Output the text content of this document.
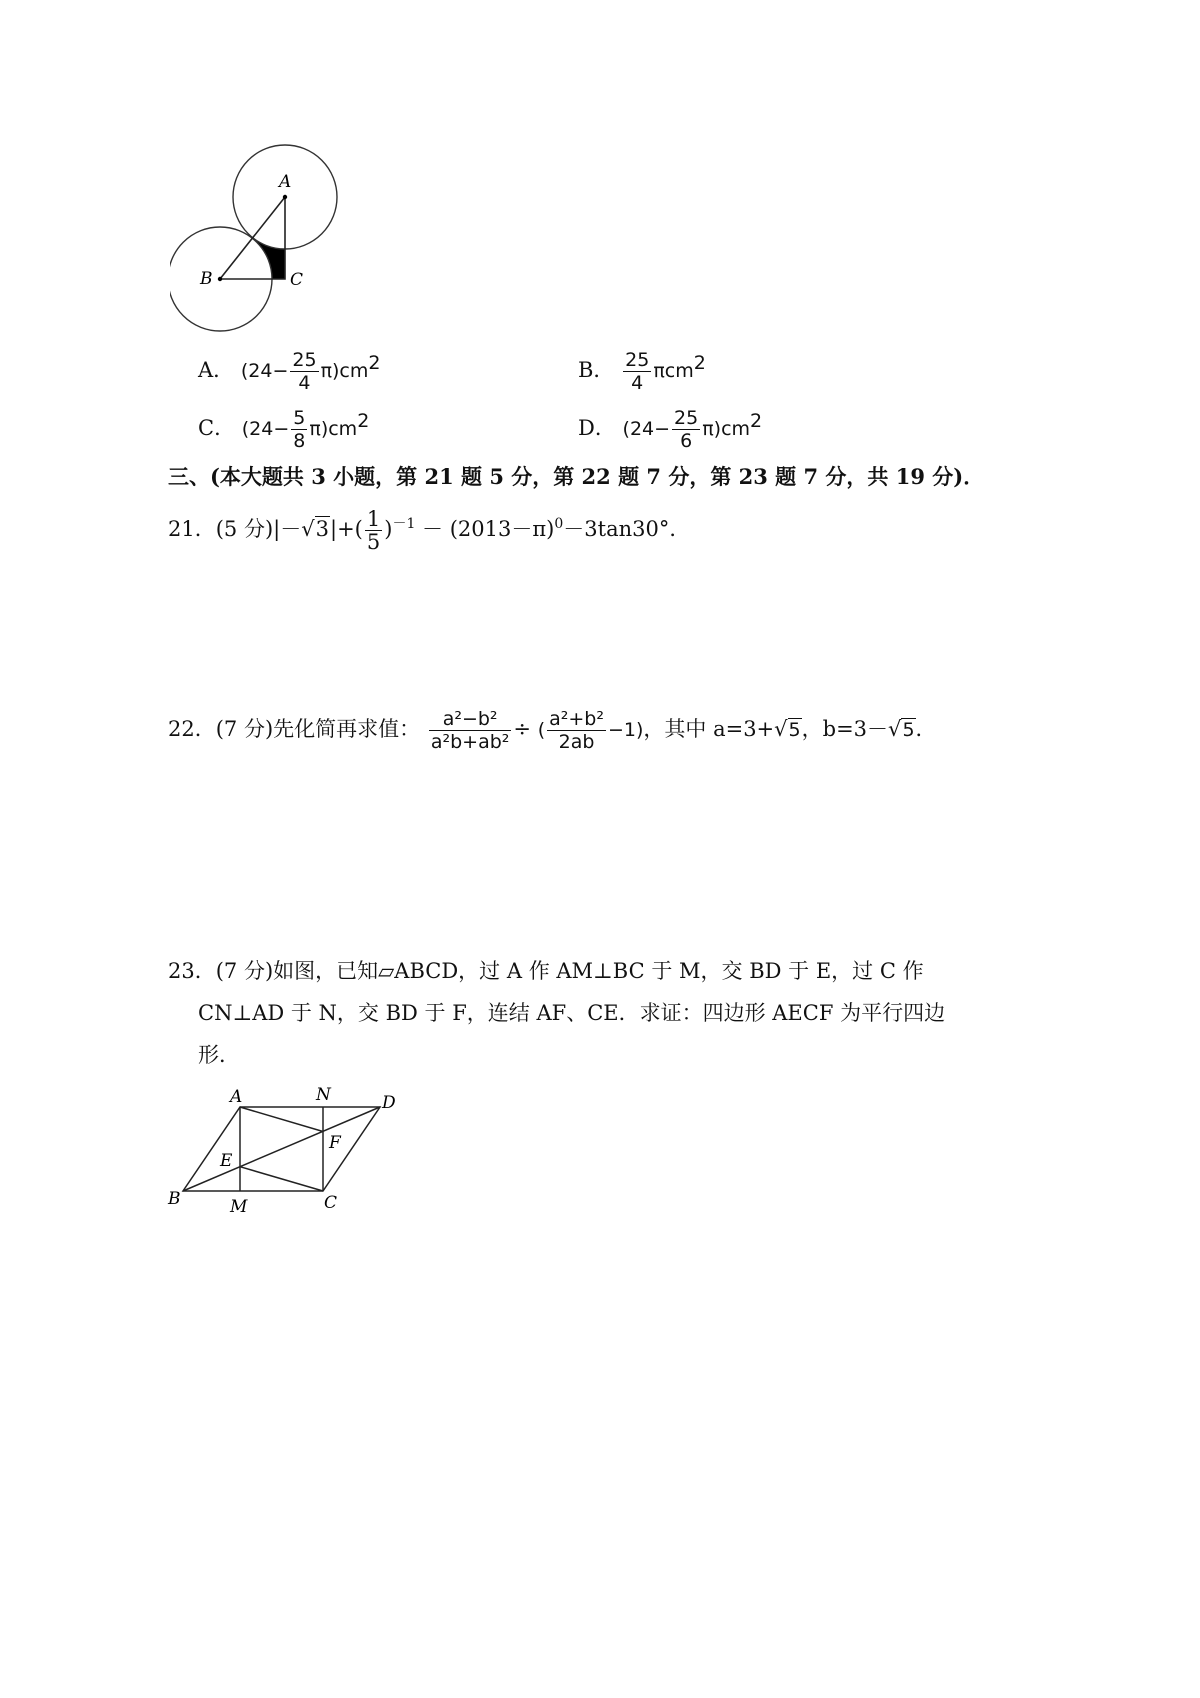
A
B	C
A． $(24- \frac{25}{4} \pi)cm2$	B． $\frac{25}{4} \pi cm2$
C． $(24- \frac{5}{8} \pi)cm2$	D． $(24- \frac{25}{6} \pi)cm2$
三、(本大题共 3 小题，第 21 题 5 分，第 22 题 7 分，第 23 题 7 分，共 19 分)．
21．(5 分)$|-√3|+( \frac{1}{5} )^{-1} - (2013-\pi)^0-3\tan 30^\circ$．
22．(7 分)先化简再求值： $\frac{\text{a²−b²}}{\text{a²b+ab²}}$ ÷ ( $\frac{\text{a²+b²}}{2ab} -1$)，其中 a=3+√5，b=3－√5．
23．(7 分)如图，已知▱ABCD，过 A 作 AM⊥BC 于 M，交 BD 于 E，过 C 作
CN⊥AD 于 N，交 BD 于 F，连结 AF、CE．求证：四边形 AECF 为平行四边
形．
A	N	D
B	M	C
E
F
